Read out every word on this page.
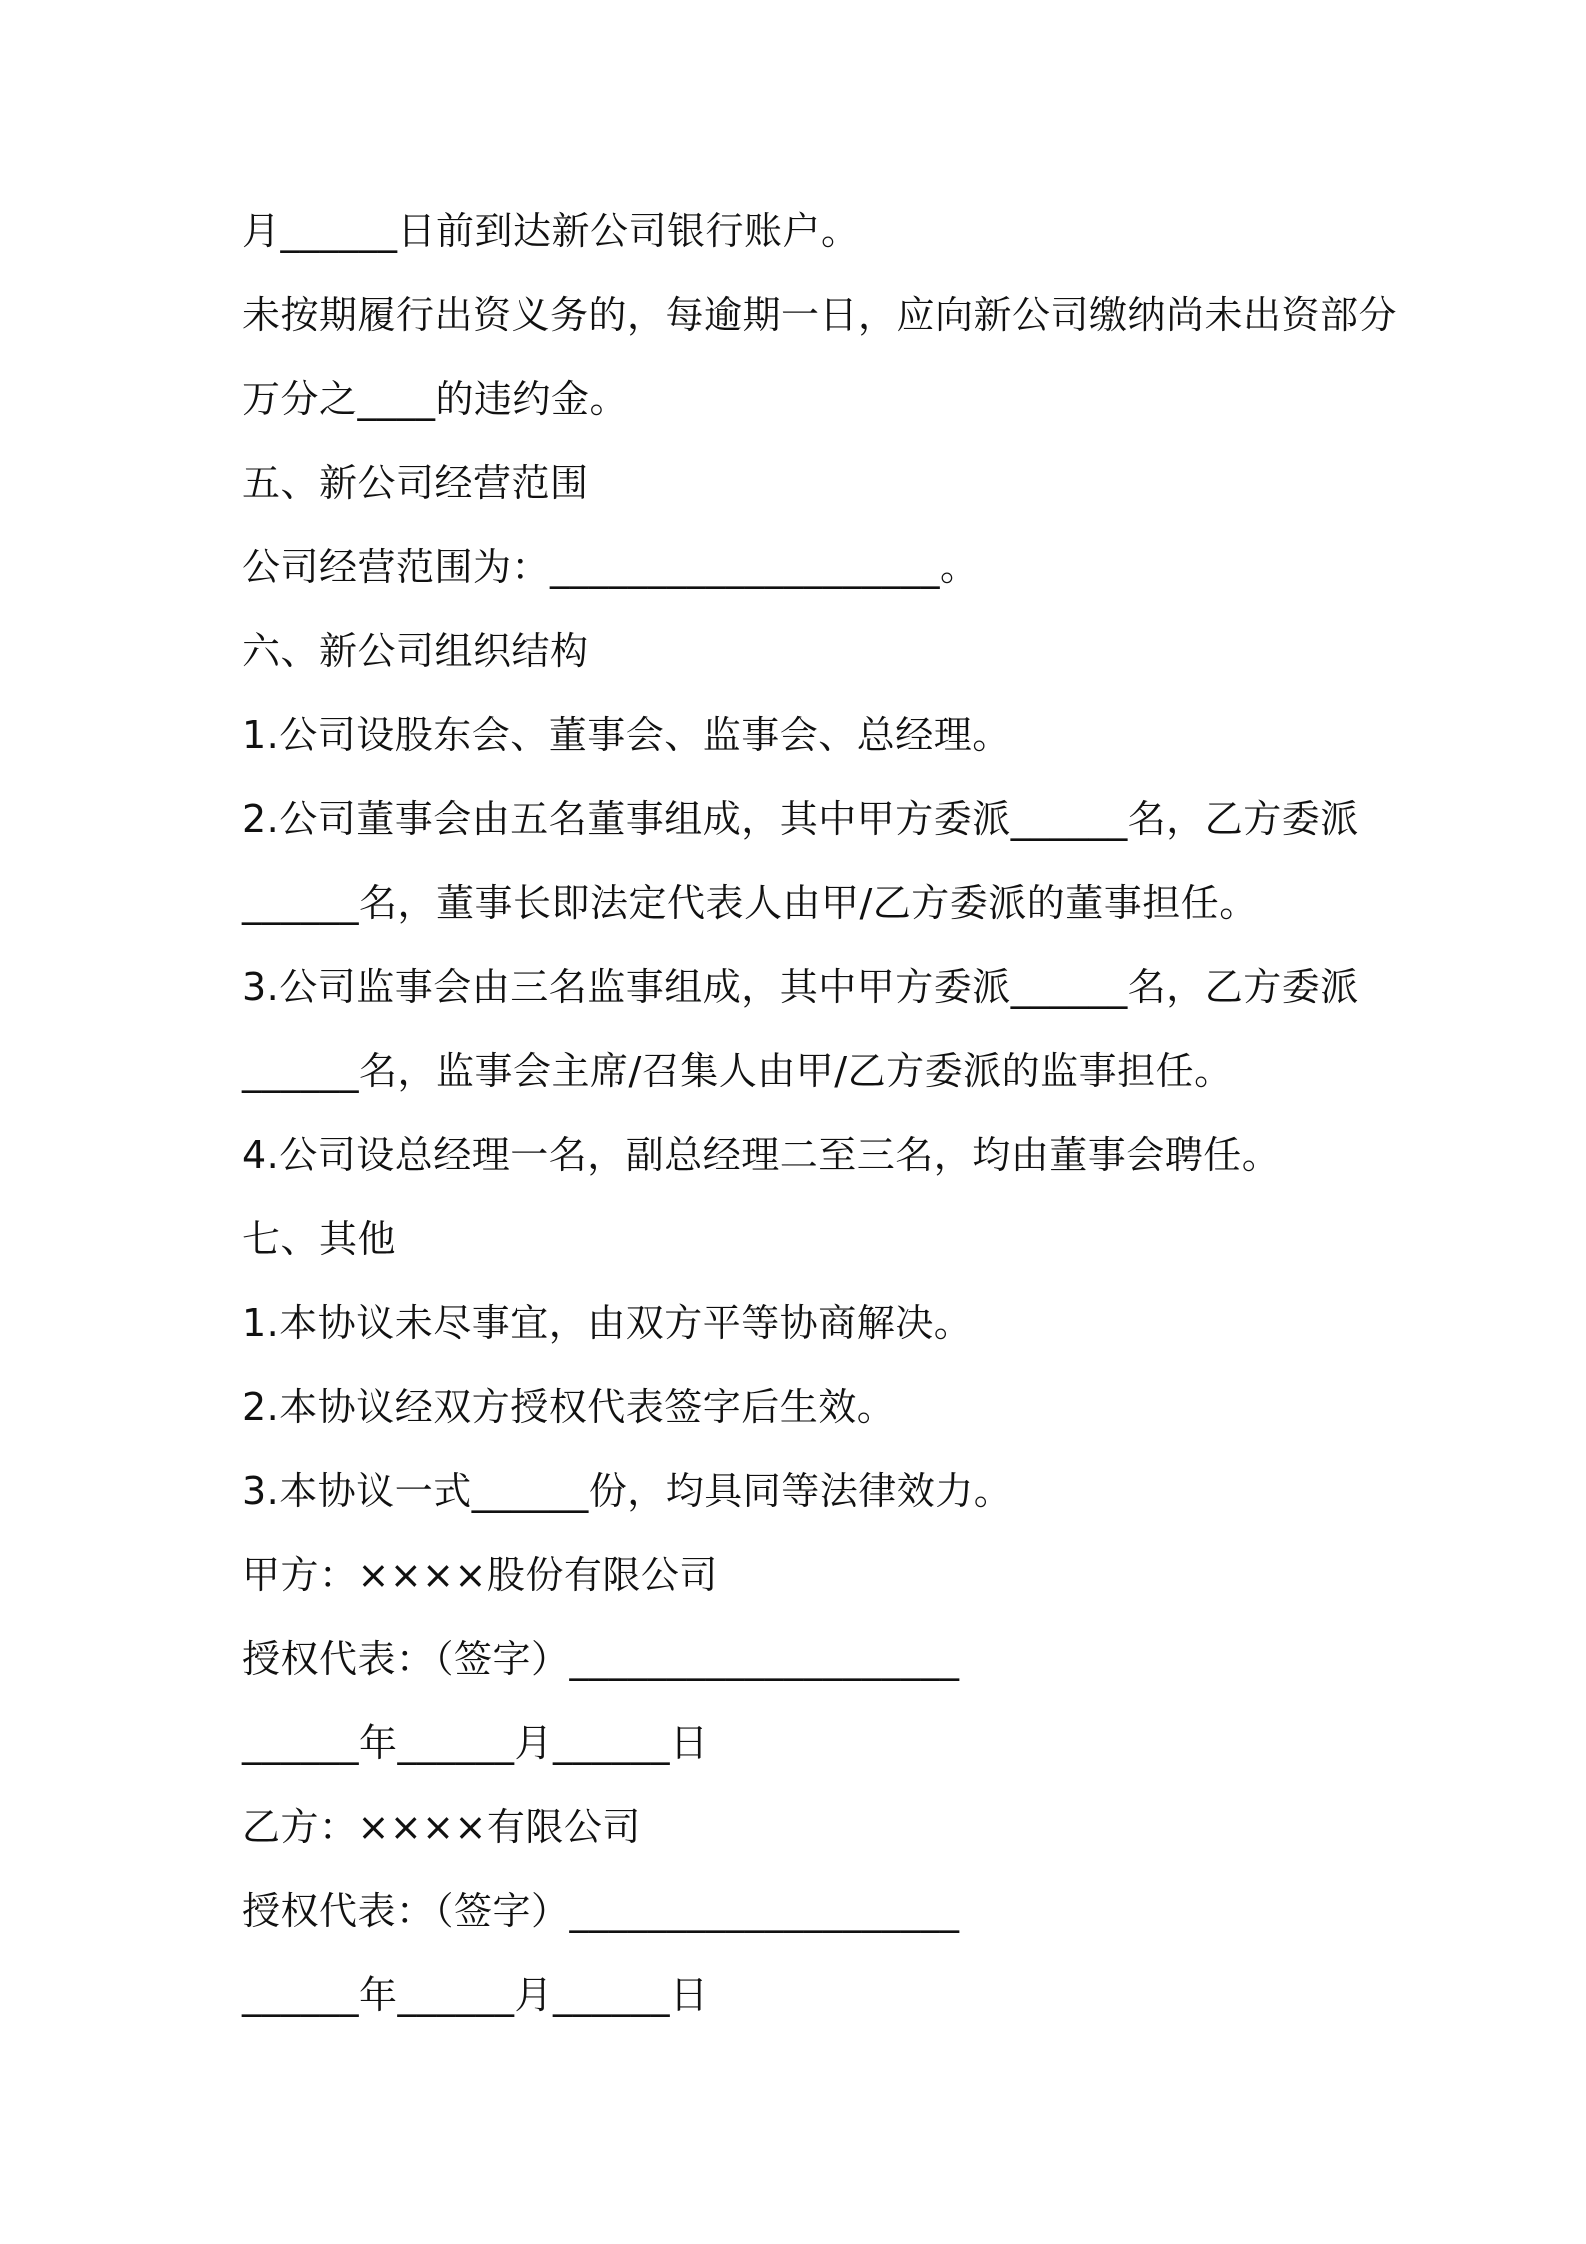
月______日前到达新公司银行账户。
未按期履行出资义务的，每逾期一日，应向新公司缴纳尚未出资部分
万分之____的违约金。
五、新公司经营范围
公司经营范围为：____________________。
六、新公司组织结构
1.公司设股东会、董事会、监事会、总经理。
2.公司董事会由五名董事组成，其中甲方委派______名，乙方委派
______名，董事长即法定代表人由甲/乙方委派的董事担任。
3.公司监事会由三名监事组成，其中甲方委派______名，乙方委派
______名，监事会主席/召集人由甲/乙方委派的监事担任。
4.公司设总经理一名，副总经理二至三名，均由董事会聘任。
七、其他
1.本协议未尽事宜，由双方平等协商解决。
2.本协议经双方授权代表签字后生效。
3.本协议一式______份，均具同等法律效力。
甲方：××××股份有限公司
授权代表：（签字）____________________
______年______月______日
乙方：××××有限公司
授权代表：（签字）____________________
______年______月______日
